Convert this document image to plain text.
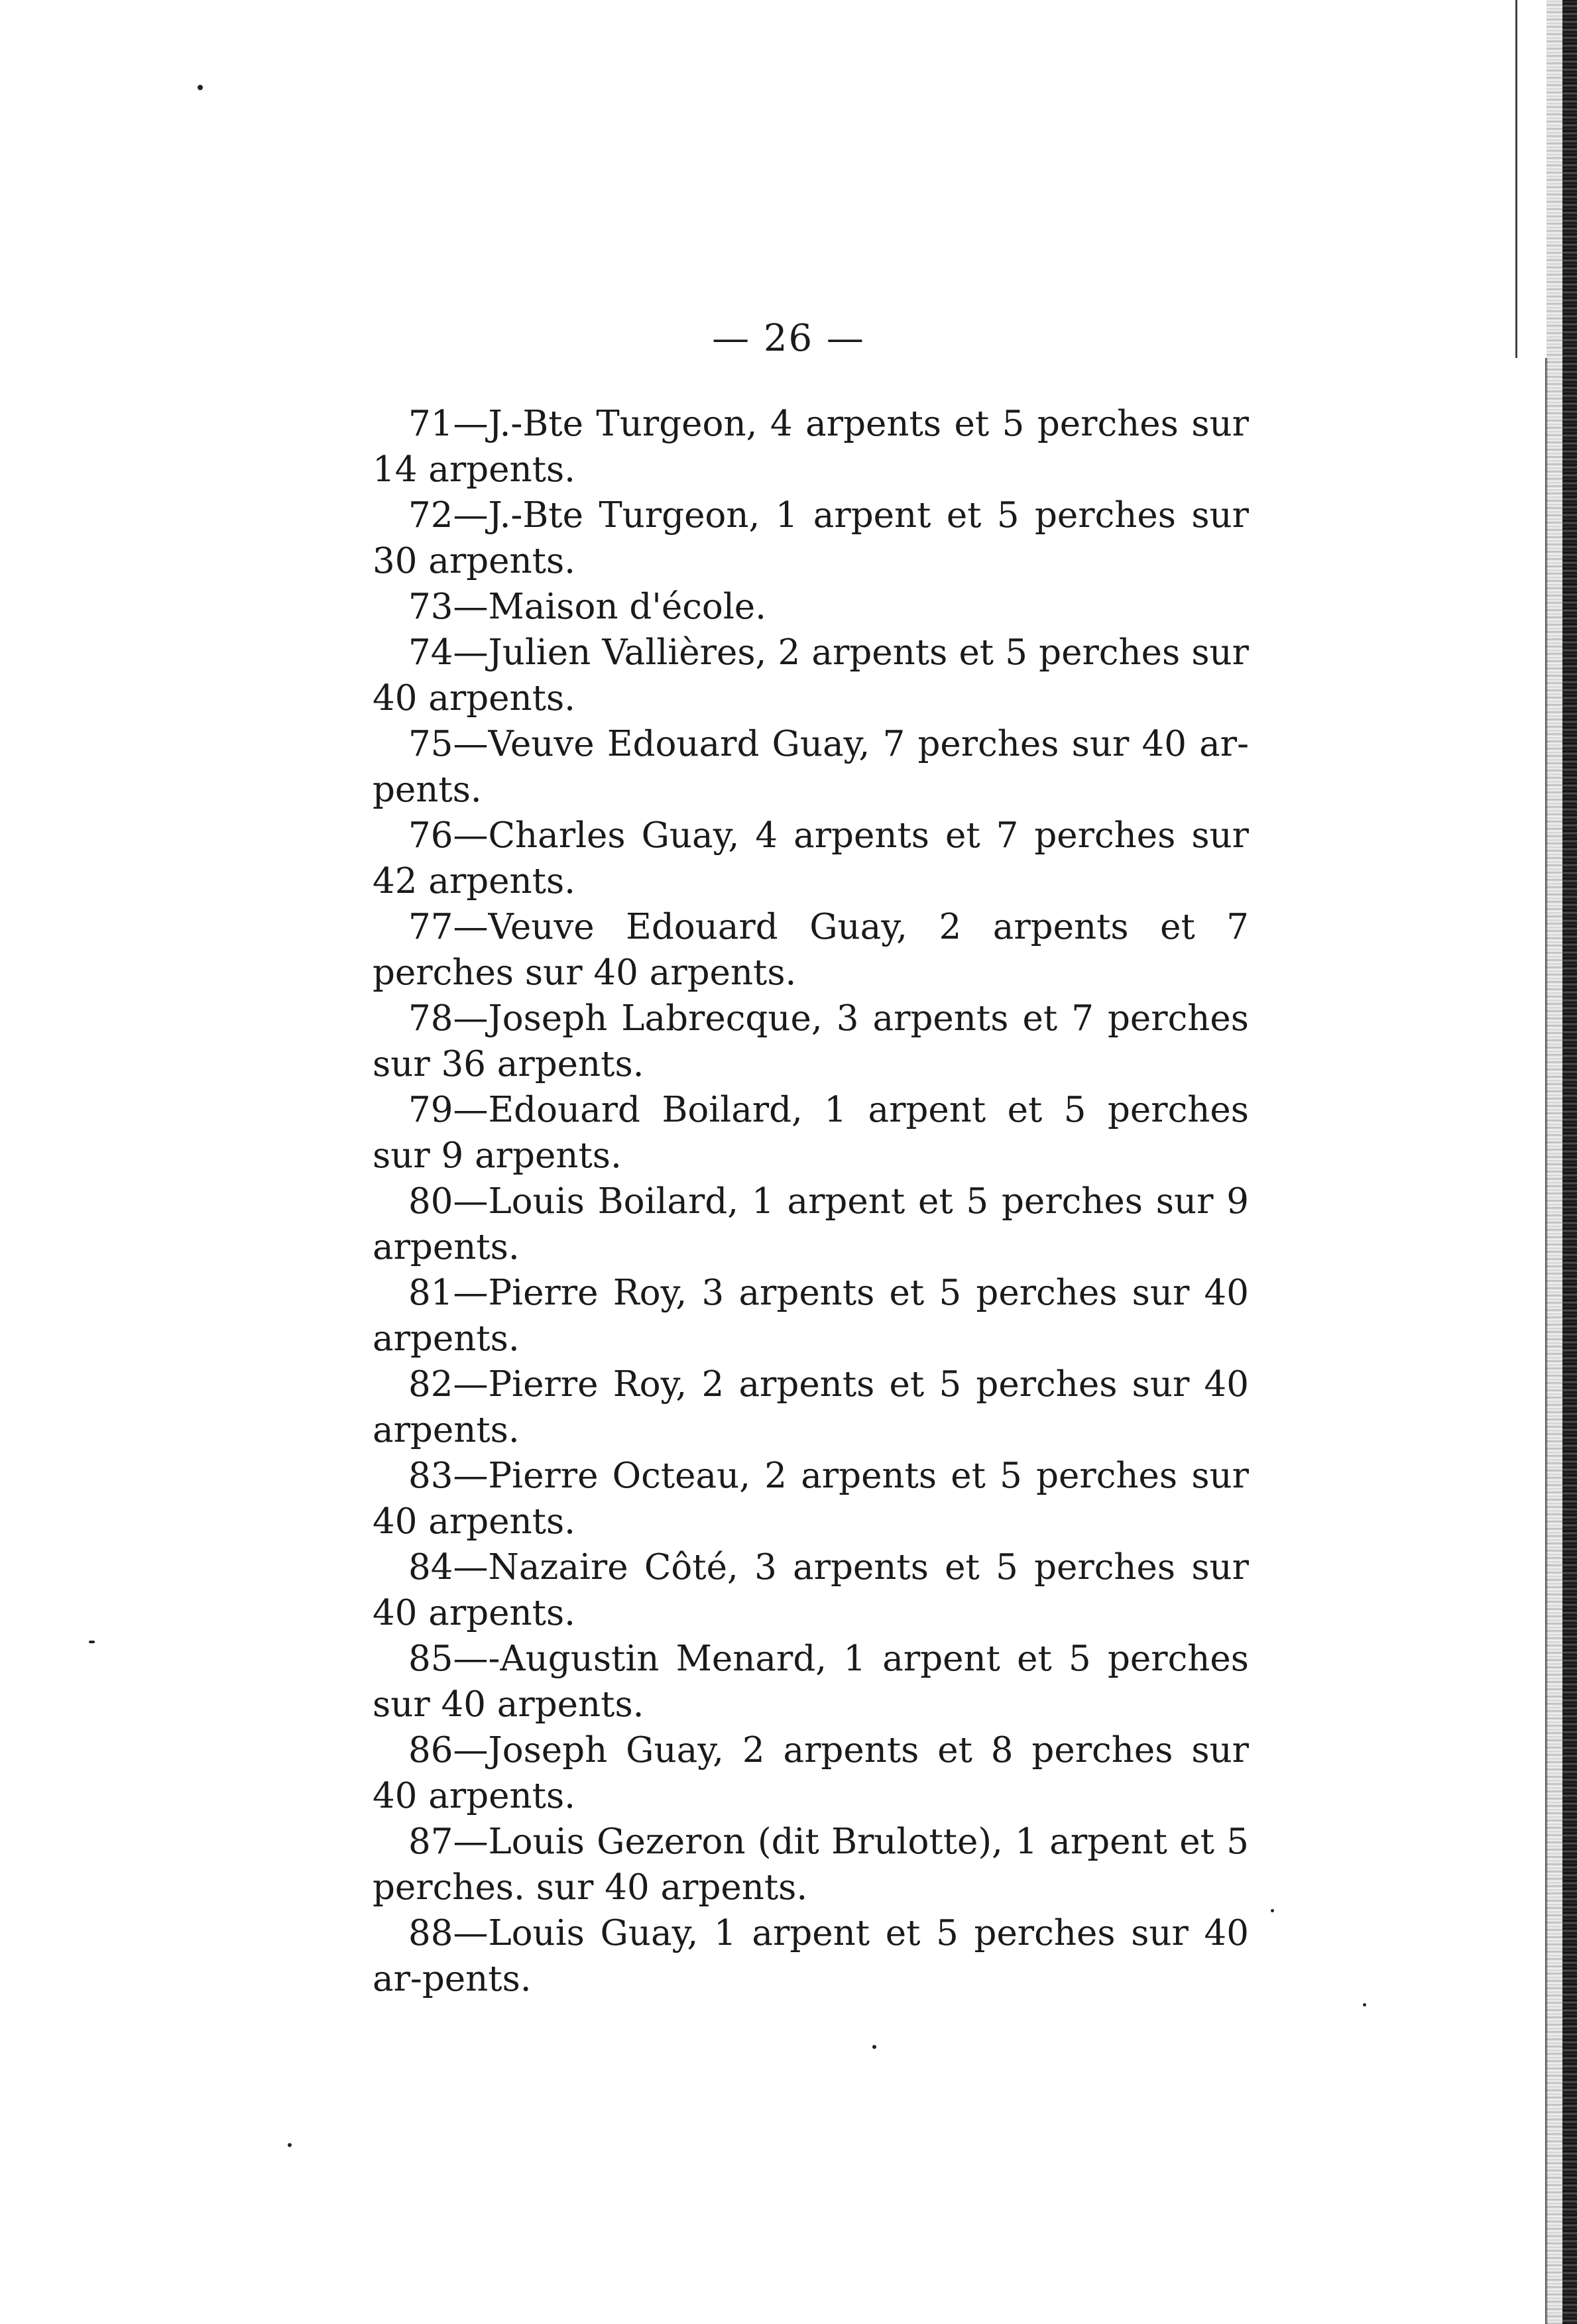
— 26 —

71—J.-Bte Turgeon, 4 arpents et 5 perches sur 14 arpents.

72—J.-Bte Turgeon, 1 arpent et 5 perches sur 30 arpents.

73—Maison d'école.

74—Julien Vallières, 2 arpents et 5 perches sur 40 arpents.

75—Veuve Edouard Guay, 7 perches sur 40 ar-pents.

76—Charles Guay, 4 arpents et 7 perches sur 42 arpents.

77—Veuve Edouard Guay, 2 arpents et 7 perches sur 40 arpents.

78—Joseph Labrecque, 3 arpents et 7 perches sur 36 arpents.

79—Edouard Boilard, 1 arpent et 5 perches sur 9 arpents.

80—Louis Boilard, 1 arpent et 5 perches sur 9 arpents.

81—Pierre Roy, 3 arpents et 5 perches sur 40 arpents.

82—Pierre Roy, 2 arpents et 5 perches sur 40 arpents.

83—Pierre Octeau, 2 arpents et 5 perches sur 40 arpents.

84—Nazaire Côté, 3 arpents et 5 perches sur 40 arpents.

85—-Augustin Menard, 1 arpent et 5 perches sur 40 arpents.

86—Joseph Guay, 2 arpents et 8 perches sur 40 arpents.

87—Louis Gezeron (dit Brulotte), 1 arpent et 5 perches. sur 40 arpents.

88—Louis Guay, 1 arpent et 5 perches sur 40 ar-pents.
